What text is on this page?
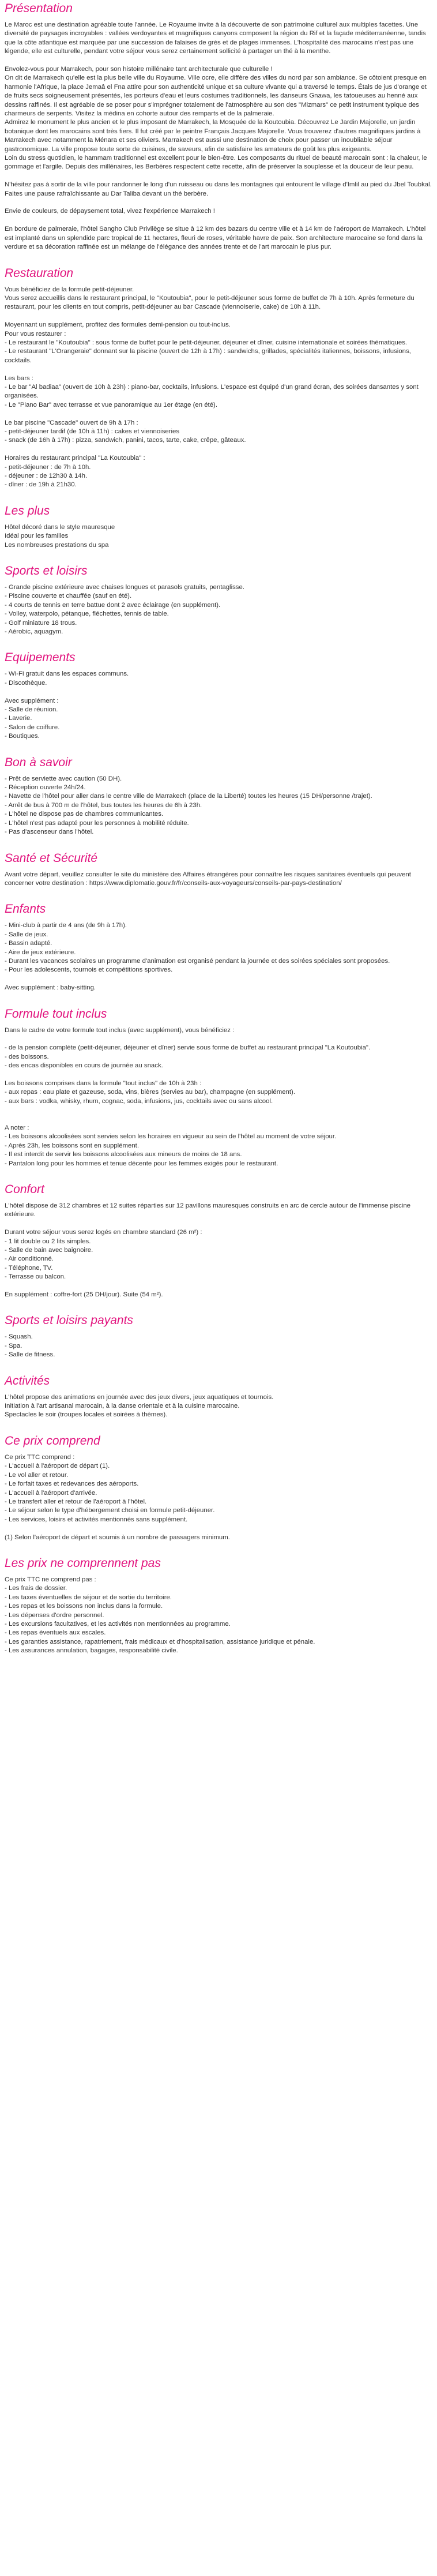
Présentation

Le Maroc est une destination agréable toute l'année. Le Royaume invite à la découverte de son patrimoine culturel aux multiples facettes. Une diversité de paysages incroyables : vallées verdoyantes et magnifiques canyons composent la région du Rif et la façade méditerranéenne, tandis que la côte atlantique est marquée par une succession de falaises de grès et de plages immenses. L'hospitalité des marocains n'est pas une légende, elle est culturelle, pendant votre séjour vous serez certainement sollicité à partager un thé à la menthe.

Envolez-vous pour Marrakech, pour son histoire millénaire tant architecturale que culturelle !

On dit de Marrakech qu'elle est la plus belle ville du Royaume. Ville ocre, elle diffère des villes du nord par son ambiance. Se côtoient presque en harmonie l'Afrique, la place Jemaâ el Fna attire pour son authenticité unique et sa culture vivante qui a traversé le temps. Étals de jus d'orange et de fruits secs soigneusement présentés, les porteurs d'eau et leurs costumes traditionnels, les danseurs Gnawa, les tatoueuses au henné aux dessins raffinés. Il est agréable de se poser pour s'imprégner totalement de l'atmosphère au son des "Mizmars" ce petit instrument typique des charmeurs de serpents. Visitez la médina en cohorte autour des remparts et de la palmeraie.

Admirez le monument le plus ancien et le plus imposant de Marrakech, la Mosquée de la Koutoubia. Découvrez Le Jardin Majorelle, un jardin botanique dont les marocains sont très fiers. Il fut créé par le peintre Français Jacques Majorelle. Vous trouverez d'autres magnifiques jardins à Marrakech avec notamment la Ménara et ses oliviers. Marrakech est aussi une destination de choix pour passer un inoubliable séjour gastronomique. La ville propose toute sorte de cuisines, de saveurs, afin de satisfaire les amateurs de goût les plus exigeants.

Loin du stress quotidien, le hammam traditionnel est excellent pour le bien-être. Les composants du rituel de beauté marocain sont : la chaleur, le gommage et l'argile. Depuis des millénaires, les Berbères respectent cette recette, afin de préserver la souplesse et la douceur de leur peau.

N'hésitez pas à sortir de la ville pour randonner le long d'un ruisseau ou dans les montagnes qui entourent le village d'Imlil au pied du Jbel Toubkal. Faites une pause rafraîchissante au Dar Taliba devant un thé berbère.

Envie de couleurs, de dépaysement total, vivez l'expérience Marrakech !

En bordure de palmeraie, l'hôtel Sangho Club Privilège se situe à 12 km des bazars du centre ville et à 14 km de l'aéroport de Marrakech. L'hôtel est implanté dans un splendide parc tropical de 11 hectares, fleuri de roses, véritable havre de paix. Son architecture marocaine se fond dans la verdure et sa décoration raffinée est un mélange de l'élégance des années trente et de l'art marocain le plus pur.

Restauration

Vous bénéficiez de la formule petit-déjeuner.

Vous serez accueillis dans le restaurant principal, le "Koutoubia", pour le petit-déjeuner sous forme de buffet de 7h à 10h. Après fermeture du restaurant, pour les clients en tout compris, petit-déjeuner au bar Cascade (viennoiserie, cake) de 10h à 11h.

Moyennant un supplément, profitez des formules demi-pension ou tout-inclus.

Pour vous restaurer :

- Le restaurant le "Koutoubia" : sous forme de buffet pour le petit-déjeuner, déjeuner et dîner, cuisine internationale et soirées thématiques.

- Le restaurant "L'Orangeraie" donnant sur la piscine (ouvert de 12h à 17h) : sandwichs, grillades, spécialités italiennes, boissons, infusions, cocktails.

Les bars :

- Le bar "Al badiaa" (ouvert de 10h à 23h) : piano-bar, cocktails, infusions. L'espace est équipé d'un grand écran, des soirées dansantes y sont organisées.

- Le "Piano Bar" avec terrasse et vue panoramique au 1er étage (en été).

Le bar piscine "Cascade" ouvert de 9h à 17h :

- petit-déjeuner tardif (de 10h à 11h) : cakes et viennoiseries

- snack (de 16h à 17h) : pizza, sandwich, panini, tacos, tarte, cake, crêpe, gâteaux.

Horaires du restaurant principal "La Koutoubia" :

- petit-déjeuner : de 7h à 10h.

- déjeuner : de 12h30 à 14h.

- dîner : de 19h à 21h30.

Les plus

Hôtel décoré dans le style mauresque

Idéal pour les familles

Les nombreuses prestations du spa

Sports et loisirs

- Grande piscine extérieure avec chaises longues et parasols gratuits, pentaglisse.

- Piscine couverte et chauffée (sauf en été).

- 4 courts de tennis en terre battue dont 2 avec éclairage (en supplément).

- Volley, waterpolo, pétanque, fléchettes, tennis de table.

- Golf miniature 18 trous.

- Aérobic, aquagym.

Equipements

- Wi-Fi gratuit dans les espaces communs.

- Discothèque.

Avec supplément :

- Salle de réunion.

- Laverie.

- Salon de coiffure.

- Boutiques.

Bon à savoir

- Prêt de serviette avec caution (50 DH).

- Réception ouverte 24h/24.

- Navette de l'hôtel pour aller dans le centre ville de Marrakech (place de la Liberté) toutes les heures (15 DH/personne /trajet).

- Arrêt de bus à 700 m de l'hôtel, bus toutes les heures de 6h à 23h.

- L'hôtel ne dispose pas de chambres communicantes.

- L'hôtel n'est pas adapté pour les personnes à mobilité réduite.

- Pas d'ascenseur dans l'hôtel.

Santé et Sécurité

Avant votre départ, veuillez consulter le site du ministère des Affaires étrangères pour connaître les risques sanitaires éventuels qui peuvent concerner votre destination : https://www.diplomatie.gouv.fr/fr/conseils-aux-voyageurs/conseils-par-pays-destination/

Enfants

- Mini-club à partir de 4 ans (de 9h à 17h).

- Salle de jeux.

- Bassin adapté.

- Aire de jeux extérieure.

- Durant les vacances scolaires un programme d'animation est organisé pendant la journée et des soirées spéciales sont proposées.

- Pour les adolescents, tournois et compétitions sportives.

Avec supplément : baby-sitting.

Formule tout inclus

Dans le cadre de votre formule tout inclus (avec supplément), vous bénéficiez :

- de la pension complète (petit-déjeuner, déjeuner et dîner) servie sous forme de buffet au restaurant principal "La Koutoubia".

- des boissons.

- des encas disponibles en cours de journée au snack.

Les boissons comprises dans la formule "tout inclus" de 10h à 23h :

- aux repas : eau plate et gazeuse, soda, vins, bières (servies au bar), champagne (en supplément).

- aux bars : vodka, whisky, rhum, cognac, soda, infusions, jus, cocktails avec ou sans alcool.

A noter :

- Les boissons alcoolisées sont servies selon les horaires en vigueur au sein de l'hôtel au moment de votre séjour.

- Après 23h, les boissons sont en supplément.

- Il est interdit de servir les boissons alcoolisées aux mineurs de moins de 18 ans.

- Pantalon long pour les hommes et tenue décente pour les femmes exigés pour le restaurant.

Confort

L'hôtel dispose de 312 chambres et 12 suites réparties sur 12 pavillons mauresques construits en arc de cercle autour de l'immense piscine extérieure.

Durant votre séjour vous serez logés en chambre standard (26 m²) :

- 1 lit double ou 2 lits simples.

- Salle de bain avec baignoire.

- Air conditionné.

- Téléphone, TV.

- Terrasse ou balcon.

En supplément : coffre-fort (25 DH/jour). Suite (54 m²).

Sports et loisirs payants

- Squash.

- Spa.

- Salle de fitness.

Activités

L'hôtel propose des animations en journée avec des jeux divers, jeux aquatiques et tournois.

Initiation à l'art artisanal marocain, à la danse orientale et à la cuisine marocaine.

Spectacles le soir (troupes locales et soirées à thèmes).

Ce prix comprend

Ce prix TTC comprend :

- L'accueil à l'aéroport de départ (1).

- Le vol aller et retour.

- Le forfait taxes et redevances des aéroports.

- L'accueil à l'aéroport d'arrivée.

- Le transfert aller et retour de l'aéroport à l'hôtel.

- Le séjour selon le type d'hébergement choisi en formule petit-déjeuner.

- Les services, loisirs et activités mentionnés sans supplément.

(1) Selon l'aéroport de départ et soumis à un nombre de passagers minimum.

Les prix ne comprennent pas

Ce prix TTC ne comprend pas :

- Les frais de dossier.

- Les taxes éventuelles de séjour et de sortie du territoire.

- Les repas et les boissons non inclus dans la formule.

- Les dépenses d'ordre personnel.

- Les excursions facultatives, et les activités non mentionnées au programme.

- Les repas éventuels aux escales.

- Les garanties assistance, rapatriement, frais médicaux et d'hospitalisation, assistance juridique et pénale.

- Les assurances annulation, bagages, responsabilité civile.
